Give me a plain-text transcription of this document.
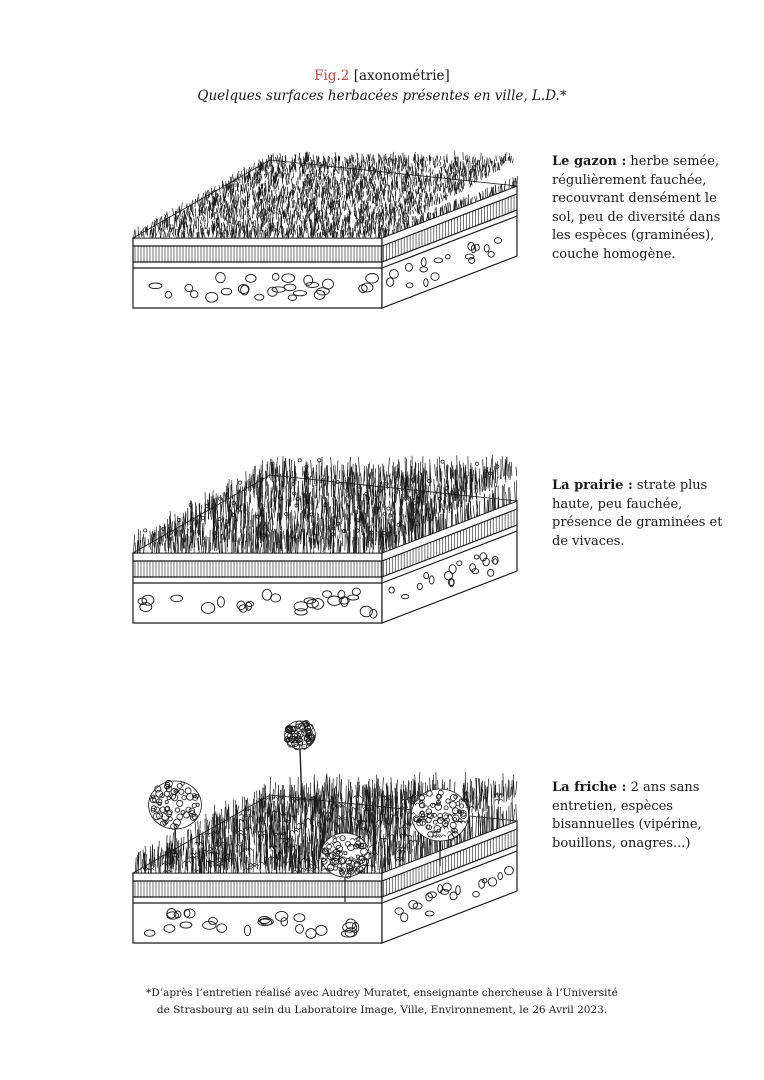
Fig.2 [axonométrie]
Quelques surfaces herbacées présentes en ville, L.D.*
Le gazon : herbe semée, régulièrement fauchée, recouvrant densément le sol, peu de diversité dans les espèces (graminées), couche homogène.
La prairie : strate plus haute, peu fauchée, présence de graminées et de vivaces.
La friche : 2 ans sans entretien, espèces bisannuelles (vipérine, bouillons, onagres...)
*D’après l’entretien réalisé avec Audrey Muratet, enseignante chercheuse à l’Université
de Strasbourg au sein du Laboratoire Image, Ville, Environnement, le 26 Avril 2023.
